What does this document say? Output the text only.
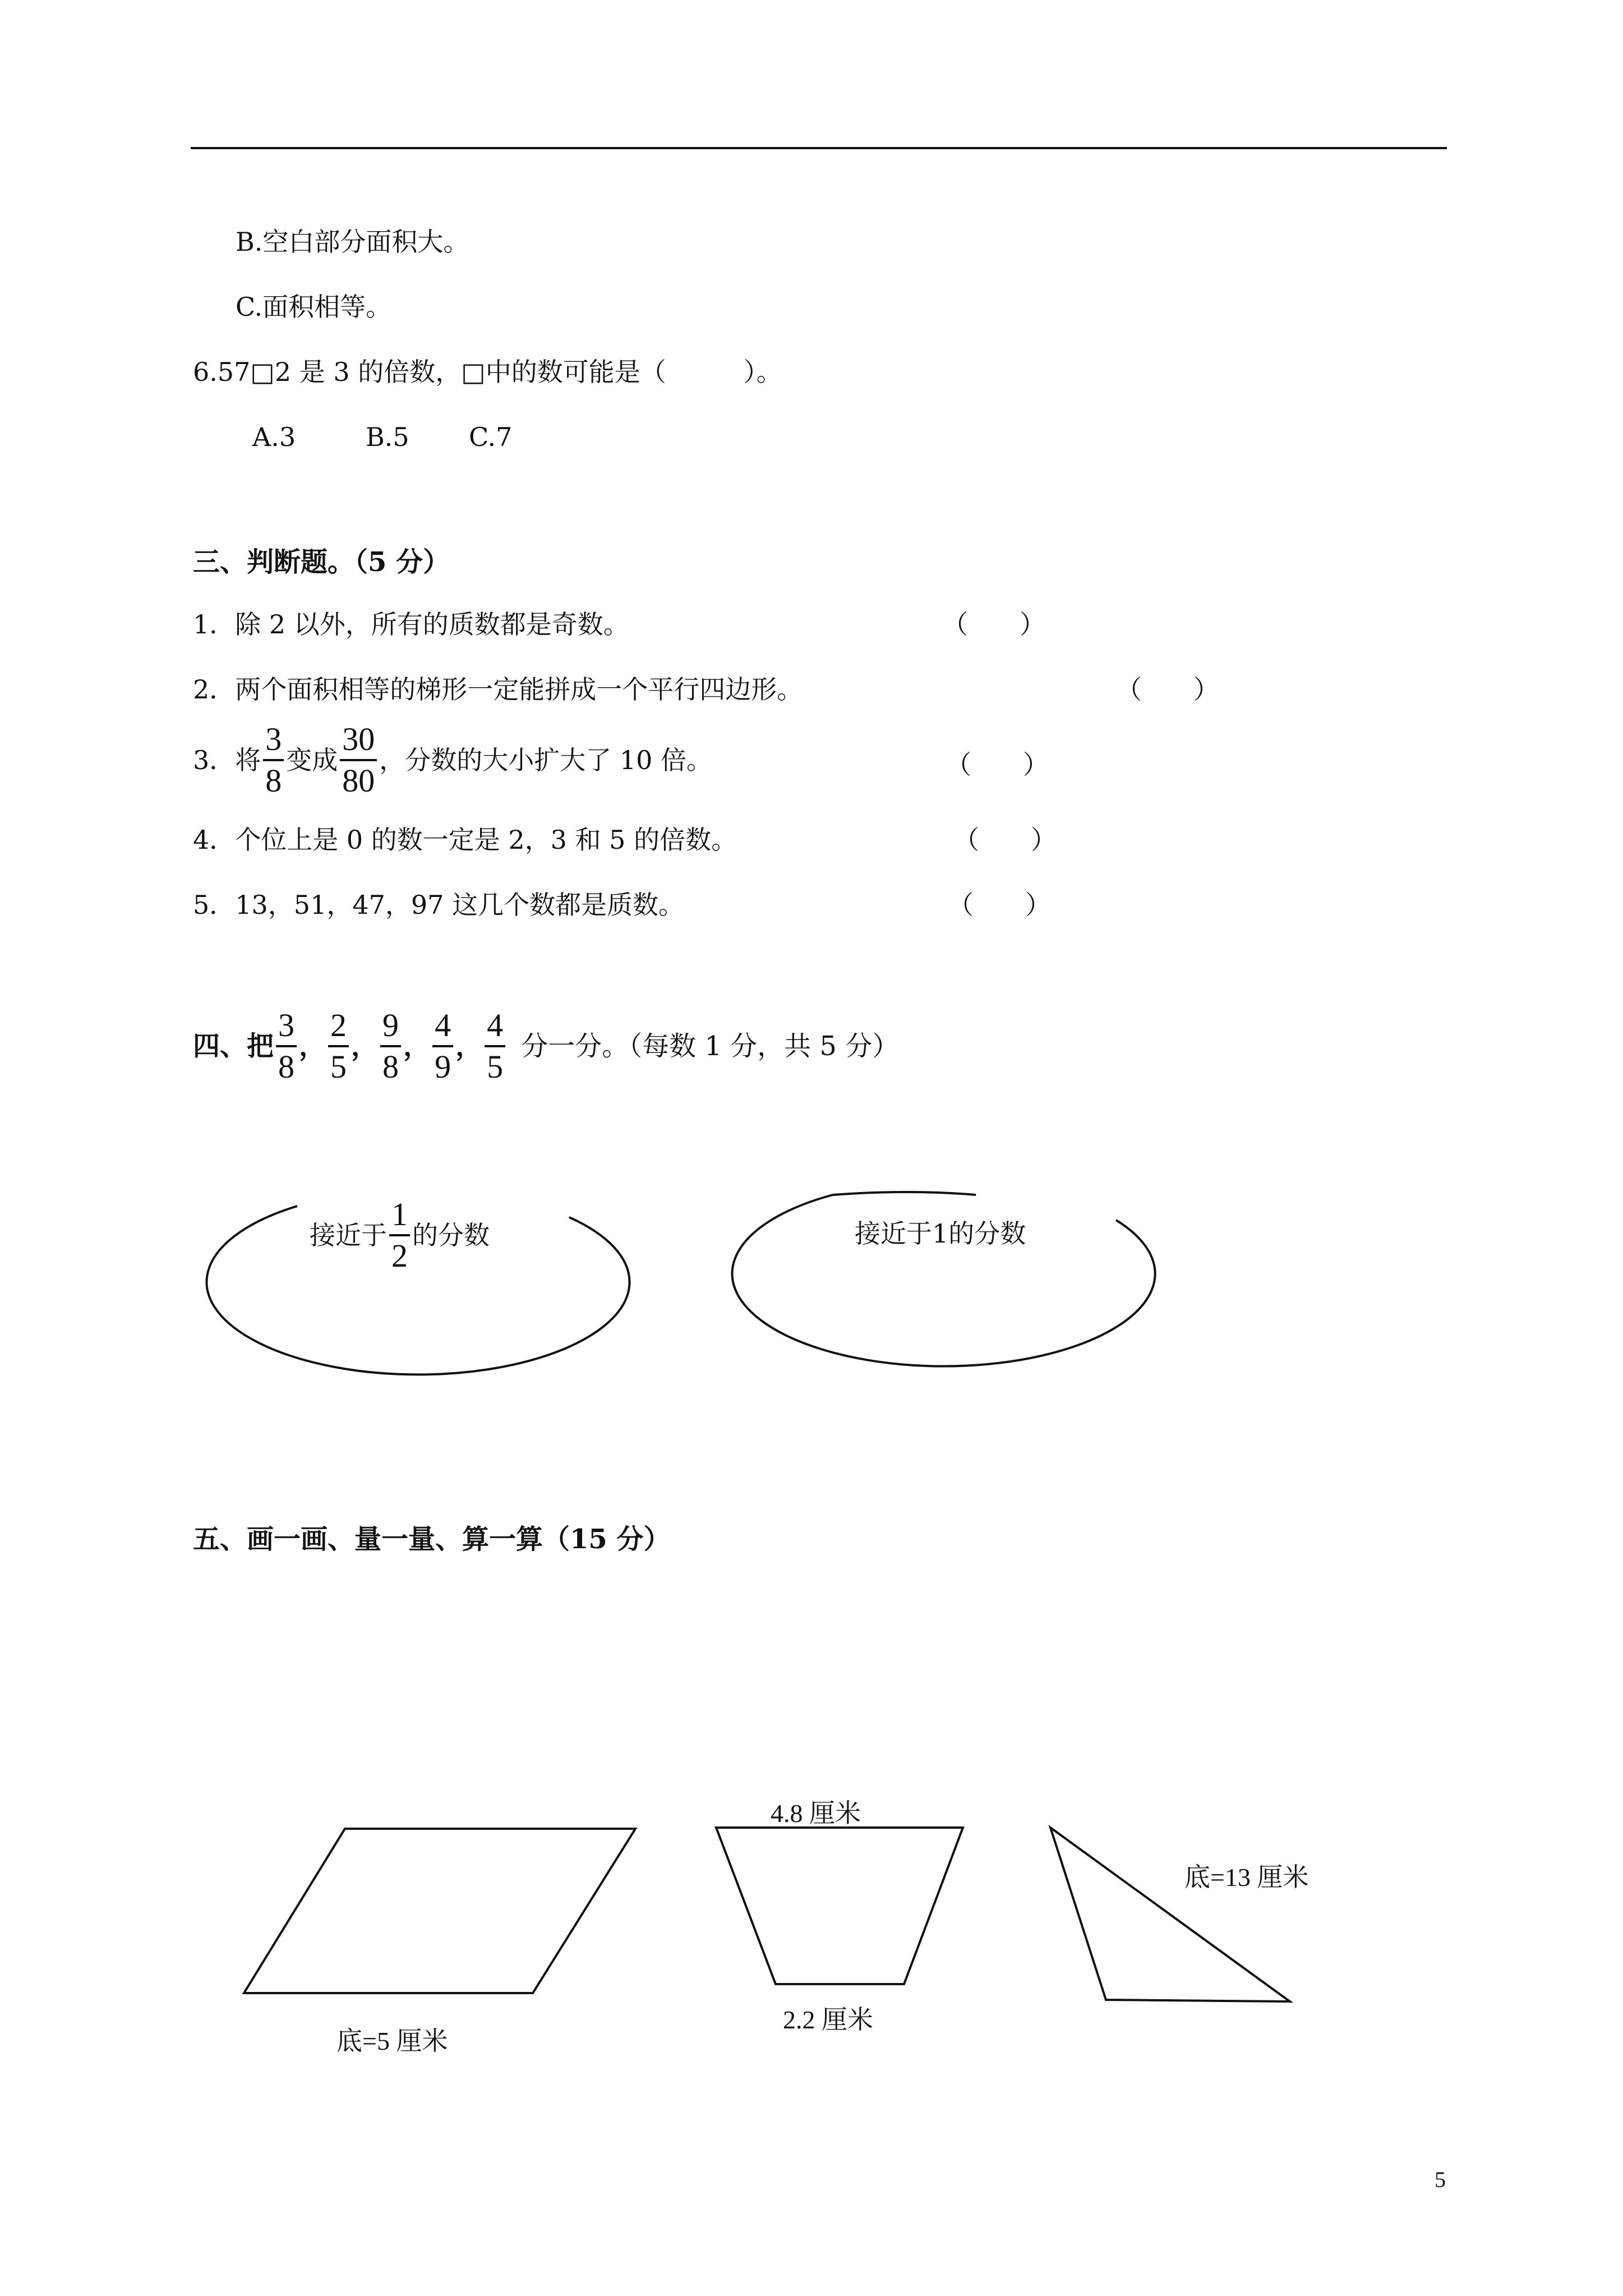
B.空白部分面积大。
C.面积相等。
6.57□2 是 3 的倍数，□中的数可能是（　　　）。
A.3	B.5 C.7
三、判断题。（5 分）
1．除 2 以外，所有的质数都是奇数。	（　　）
2．两个面积相等的梯形一定能拼成一个平行四边形。	（　　）
3．将 $\frac{3}{8}$ 变成 $\frac{30}{80}$ ，分数的大小扩大了 10 倍。	（　　）
4．个位上是 0 的数一定是 2，3 和 5 的倍数。	（　　）
5．13，51，47，97 这几个数都是质数。	（　　）
四、把 $\frac{3}{8}$ ， $\frac{2}{5}$ ， $\frac{9}{8}$ ， $\frac{4}{9}$ ， $\frac{4}{5}$ 分一分。（每数 1 分，共 5 分）
接近于 $\frac{1}{2}$ 的分数	接近于1的分数
五、画一画、量一量、算一算（15 分）
底=5 厘米
4.8 厘米
2.2 厘米
底=13 厘米
5
